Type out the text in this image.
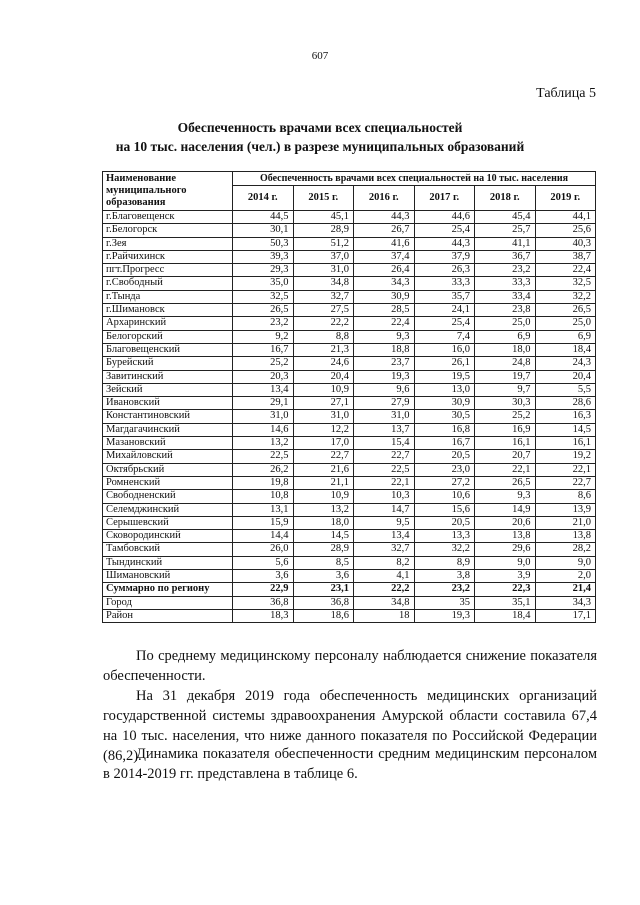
607
Таблица 5
Обеспеченность врачами всех специальностей
на 10 тыс. населения (чел.) в разрезе муниципальных образований
Наименование муниципального образования	Обеспеченность врачами всех специальностей на 10 тыс. населения					
	2014 г.	2015 г.	2016 г.	2017 г.	2018 г.	2019 г.
г.Благовещенск	44,5	45,1	44,3	44,6	45,4	44,1
г.Белогорск	30,1	28,9	26,7	25,4	25,7	25,6
г.Зея	50,3	51,2	41,6	44,3	41,1	40,3
г.Райчихинск	39,3	37,0	37,4	37,9	36,7	38,7
пгт.Прогресс	29,3	31,0	26,4	26,3	23,2	22,4
г.Свободный	35,0	34,8	34,3	33,3	33,3	32,5
г.Тында	32,5	32,7	30,9	35,7	33,4	32,2
г.Шимановск	26,5	27,5	28,5	24,1	23,8	26,5
Архаринский	23,2	22,2	22,4	25,4	25,0	25,0
Белогорский	9,2	8,8	9,3	7,4	6,9	6,9
Благовещенский	16,7	21,3	18,8	16,0	18,0	18,4
Бурейский	25,2	24,6	23,7	26,1	24,8	24,3
Завитинский	20,3	20,4	19,3	19,5	19,7	20,4
Зейский	13,4	10,9	9,6	13,0	9,7	5,5
Ивановский	29,1	27,1	27,9	30,9	30,3	28,6
Константиновский	31,0	31,0	31,0	30,5	25,2	16,3
Магдагачинский	14,6	12,2	13,7	16,8	16,9	14,5
Мазановский	13,2	17,0	15,4	16,7	16,1	16,1
Михайловский	22,5	22,7	22,7	20,5	20,7	19,2
Октябрьский	26,2	21,6	22,5	23,0	22,1	22,1
Ромненский	19,8	21,1	22,1	27,2	26,5	22,7
Свободненский	10,8	10,9	10,3	10,6	9,3	8,6
Селемджинский	13,1	13,2	14,7	15,6	14,9	13,9
Серышевский	15,9	18,0	9,5	20,5	20,6	21,0
Сковородинский	14,4	14,5	13,4	13,3	13,8	13,8
Тамбовский	26,0	28,9	32,7	32,2	29,6	28,2
Тындинский	5,6	8,5	8,2	8,9	9,0	9,0
Шимановский	3,6	3,6	4,1	3,8	3,9	2,0
Суммарно по региону	22,9	23,1	22,2	23,2	22,3	21,4
Город	36,8	36,8	34,8	35	35,1	34,3
Район	18,3	18,6	18	19,3	18,4	17,1

По среднему медицинскому персоналу наблюдается снижение показателя обеспеченности.

На 31 декабря 2019 года обеспеченность медицинских организаций государственной системы здравоохранения Амурской области составила 67,4 на 10 тыс. населения, что ниже данного показателя по Российской Федерации (86,2).

Динамика показателя обеспеченности средним медицинским персоналом в 2014-2019 гг. представлена в таблице 6.
